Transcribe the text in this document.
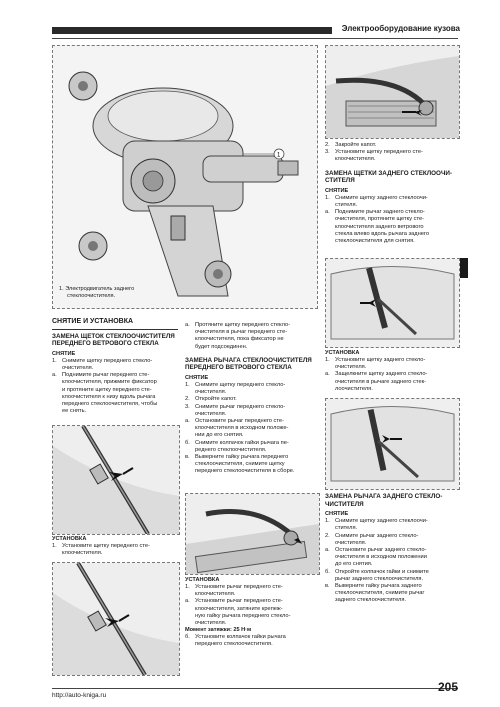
Электрооборудование кузова
1
1. Электродвигатель заднего
стеклоочистителя.
СНЯТИЕ И УСТАНОВКА
ЗАМЕНА ЩЕТОК СТЕКЛООЧИСТИТЕЛЯ
ПЕРЕДНЕГО ВЕТРОВОГО СТЕКЛА
СНЯТИЕ
1. Снимите щетку переднего стекло-
очистителя.
а. Поднимите рычаг переднего сте-
клоочистителя, прижмите фиксатор
и протяните щетку переднего сте-
клоочистителя к низу вдоль рычага
переднего стеклоочистителя, чтобы
ее снять.
УСТАНОВКА
1. Установите щетку переднего сте-
клоочистителя.
а. Протяните щетку переднего стекло-
очистителя в рычаг переднего сте-
клоочистителя, пока фиксатор не
будет подсоединен.
ЗАМЕНА РЫЧАГА СТЕКЛООЧИСТИТЕЛЯ
ПЕРЕДНЕГО ВЕТРОВОГО СТЕКЛА
СНЯТИЕ
1. Снимите щетку переднего стекло-
очистителя.
2. Откройте капот.
3. Снимите рычаг переднего стекло-
очистителя.
а. Остановите рычаг переднего сте-
клоочистителя в исходном положе-
нии до его снятия.
б. Снимите колпачок гайки рычага пе-
реднего стеклоочистителя.
в. Выверните гайку рычага переднего
стеклоочистителя, снимите щетку
переднего стеклоочистителя в сборе.
УСТАНОВКА
1. Установите рычаг переднего сте-
клоочистителя.
а. Установите рычаг переднего сте-
клоочистителя, затяните крепеж-
ную гайку рычага переднего стекло-
очистителя.
Момент затяжки: 25 Н·м
б. Установите колпачок гайки рычага
переднего стеклоочистителя.
2. Закройте капот.
3. Установите щетку переднего сте-
клоочистителя.
ЗАМЕНА ЩЕТКИ ЗАДНЕГО СТЕКЛООЧИ-
СТИТЕЛЯ
СНЯТИЕ
1. Снимите щетку заднего стеклоочи-
стителя.
а. Поднимите рычаг заднего стекло-
очистителя, протяните щетку сте-
клоочистителя заднего ветрового
стекла влево вдоль рычага заднего
стеклоочистителя для снятия.
УСТАНОВКА
1. Установите щетку заднего стекло-
очистителя.
а. Защелкните щетку заднего стекло-
очистителя в рычаге заднего стек-
лоочистителя.
ЗАМЕНА РЫЧАГА ЗАДНЕГО СТЕКЛО-
ЧИСТИТЕЛЯ
СНЯТИЕ
1. Снимите щетку заднего стеклоочи-
стителя.
2. Снимите рычаг заднего стекло-
очистителя.
а. Остановите рычаг заднего стекло-
очистителя в исходном положении
до его снятия.
б. Откройте колпачок гайки и снимите
рычаг заднего стеклоочистителя.
в. Выверните гайку рычага заднего
стеклоочистителя, снимите рычаг
заднего стеклоочистителя.
http://auto-kniga.ru
205
